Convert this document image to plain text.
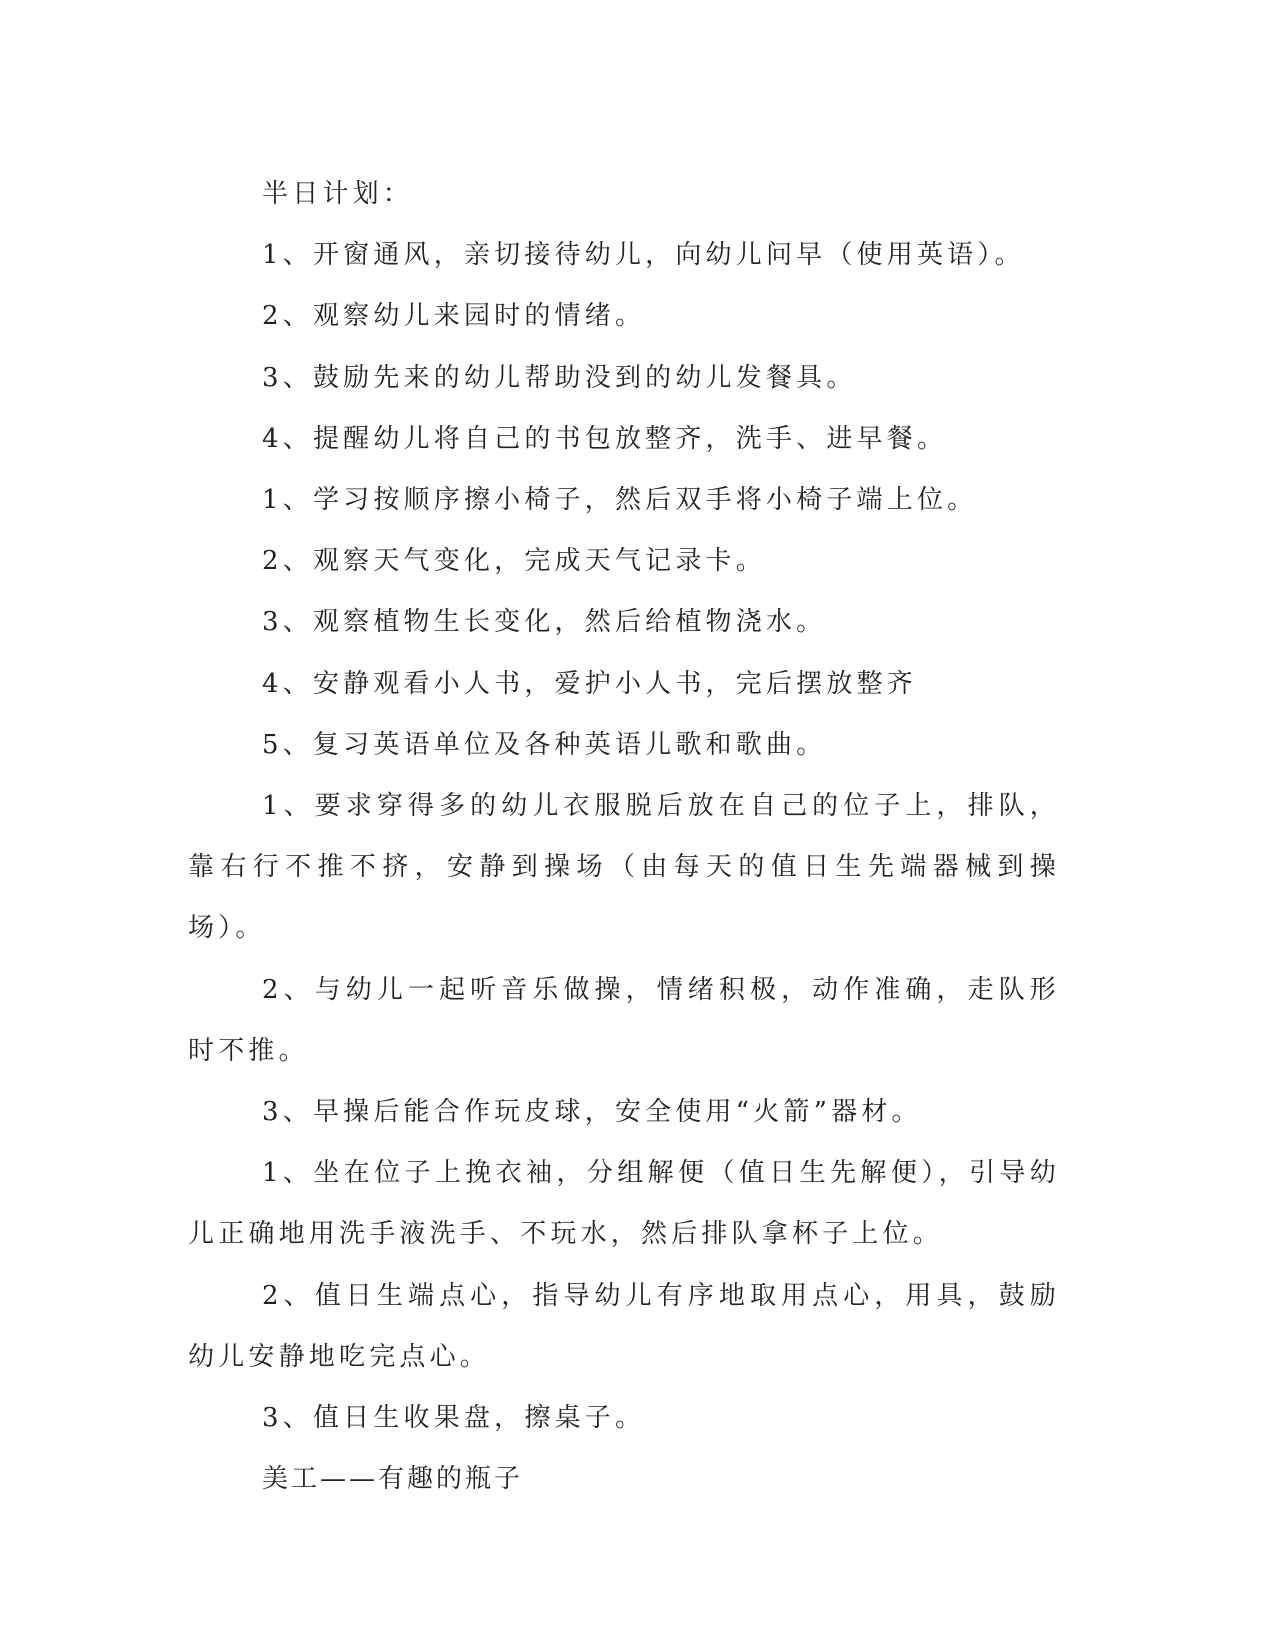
半日计划：

1、开窗通风，亲切接待幼儿，向幼儿问早（使用英语）。

2、观察幼儿来园时的情绪。

3、鼓励先来的幼儿帮助没到的幼儿发餐具。

4、提醒幼儿将自己的书包放整齐，洗手、进早餐。

1、学习按顺序擦小椅子，然后双手将小椅子端上位。

2、观察天气变化，完成天气记录卡。

3、观察植物生长变化，然后给植物浇水。

4、安静观看小人书，爱护小人书，完后摆放整齐

5、复习英语单位及各种英语儿歌和歌曲。

1、要求穿得多的幼儿衣服脱后放在自己的位子上，排队，靠右行不推不挤，安静到操场（由每天的值日生先端器械到操场）。

2、与幼儿一起听音乐做操，情绪积极，动作准确，走队形时不推。

3、早操后能合作玩皮球，安全使用“火箭”器材。

1、坐在位子上挽衣袖，分组解便（值日生先解便），引导幼儿正确地用洗手液洗手、不玩水，然后排队拿杯子上位。

2、值日生端点心，指导幼儿有序地取用点心，用具，鼓励幼儿安静地吃完点心。

3、值日生收果盘，擦桌子。

美工——有趣的瓶子
